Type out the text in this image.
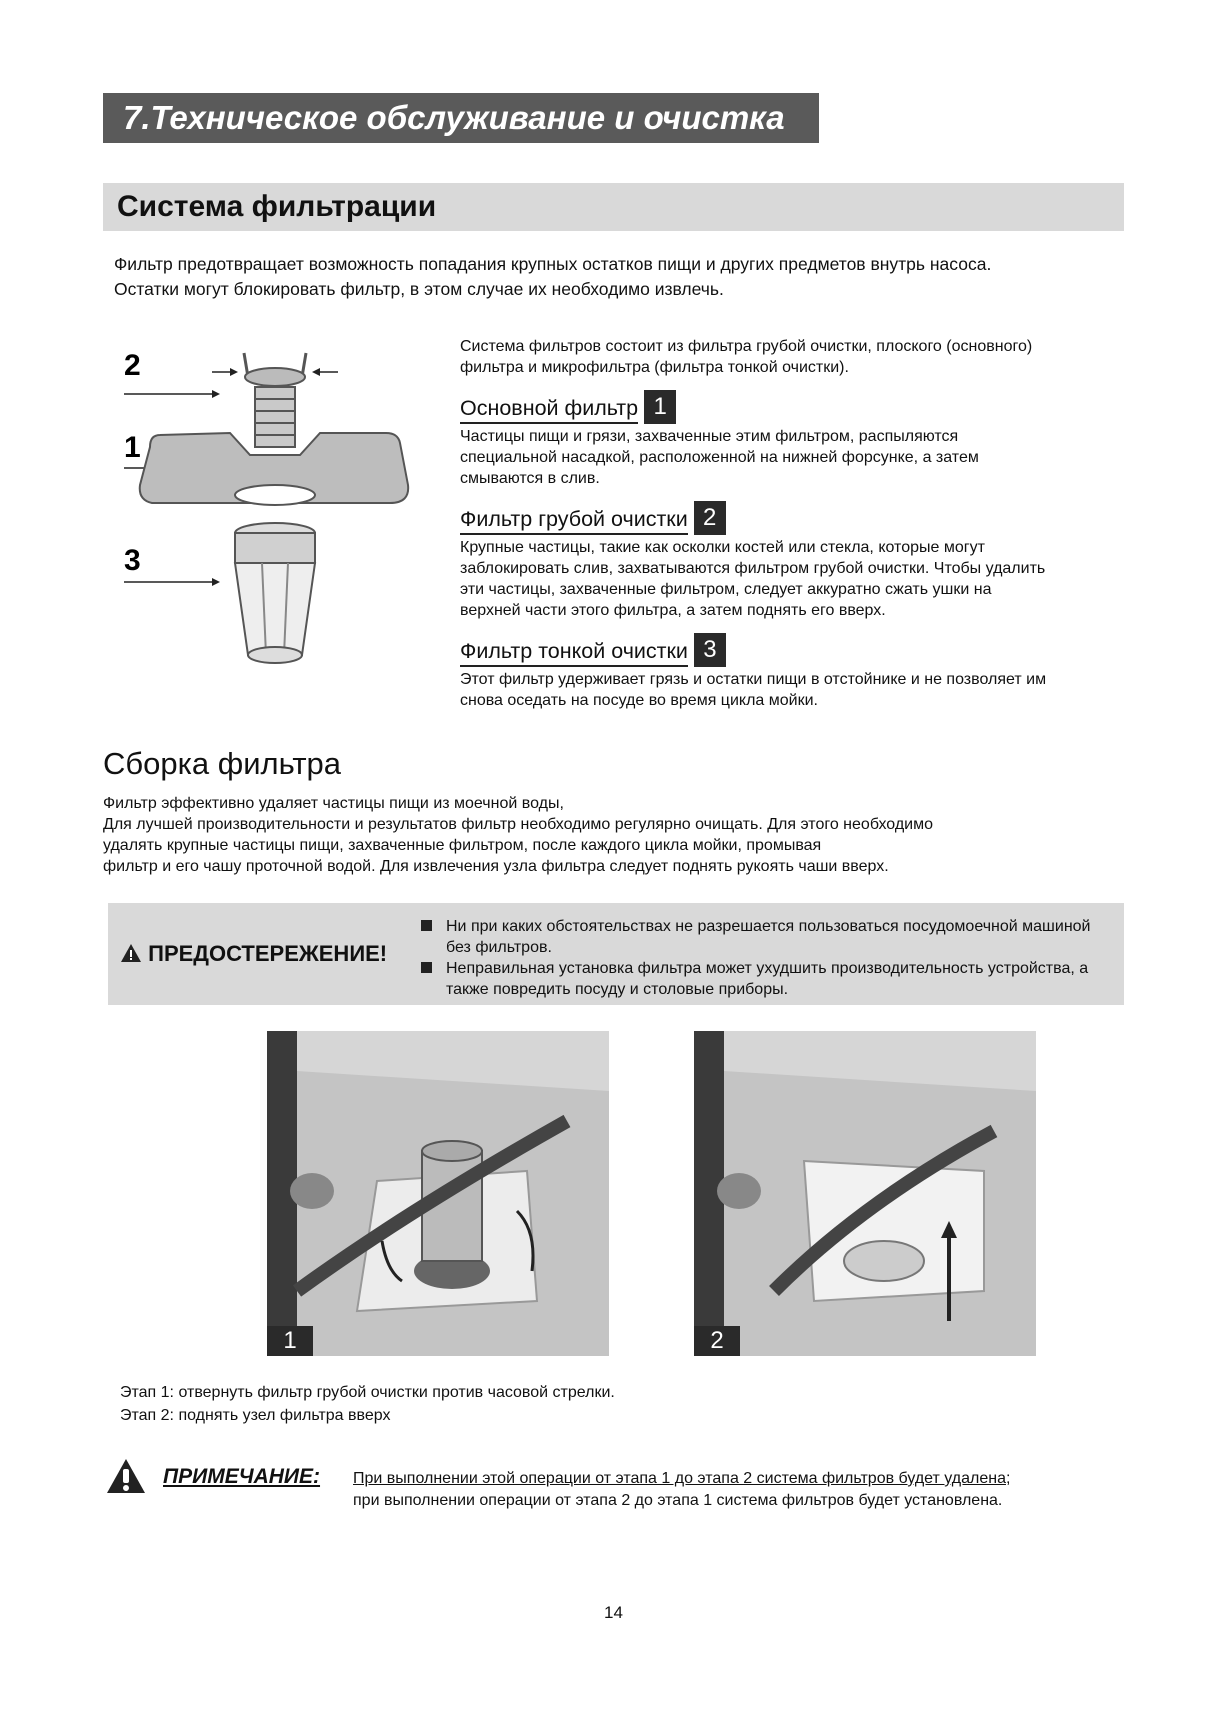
7.Техническое обслуживание и очистка
Система фильтрации
Фильтр предотвращает возможность попадания крупных остатков пищи и других предметов внутрь насоса.
Остатки могут блокировать фильтр, в этом случае их необходимо извлечь.
2
1
3
Система фильтров состоит из фильтра грубой очистки, плоского (основного)
фильтра и микрофильтра (фильтра тонкой очистки).
Основной фильтр 1
Частицы пищи и грязи, захваченные этим фильтром, распыляются
специальной насадкой, расположенной на нижней форсунке, а затем
смываются в слив.
Фильтр грубой очистки 2
Крупные частицы, такие как осколки костей или стекла, которые могут
заблокировать слив, захватываются фильтром грубой очистки. Чтобы удалить
эти частицы, захваченные фильтром, следует аккуратно сжать ушки на
верхней части этого фильтра, а затем поднять его вверх.
Фильтр тонкой очистки 3
Этот фильтр удерживает грязь и остатки пищи в отстойнике и не позволяет им
снова оседать на посуде во время цикла мойки.
Сборка фильтра
Фильтр эффективно удаляет частицы пищи из моечной воды,
Для лучшей производительности и результатов фильтр необходимо регулярно очищать. Для этого необходимо
удалять крупные частицы пищи, захваченные фильтром, после каждого цикла мойки, промывая
фильтр и его чашу проточной водой. Для извлечения узла фильтра следует поднять рукоять чаши вверх.
ПРЕДОСТЕРЕЖЕНИЕ!
Ни при каких обстоятельствах не разрешается пользоваться посудомоечной машиной без фильтров.
Неправильная установка фильтра может ухудшить производительность устройства, а также повредить посуду и столовые приборы.
1	2
Этап 1: отвернуть фильтр грубой очистки против часовой стрелки.
Этап 2: поднять узел фильтра вверх
ПРИМЕЧАНИЕ: При выполнении этой операции от этапа 1 до этапа 2 система фильтров будет удалена;
при выполнении операции от этапа 2 до этапа 1 система фильтров будет установлена.
14
